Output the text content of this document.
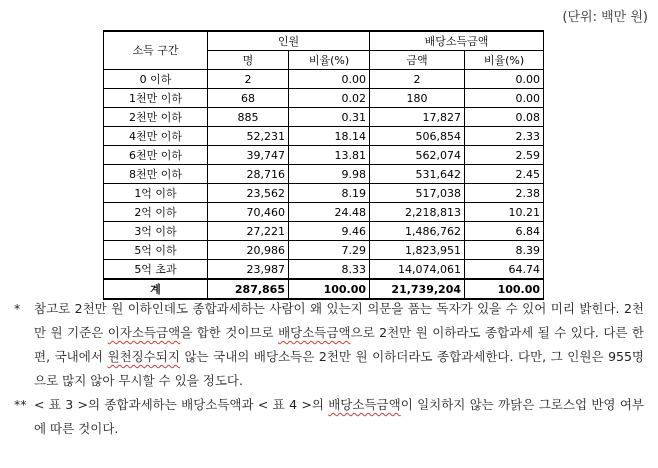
(단위: 백만 원)
소득 구간	인원		배당소득금액	
	명	비율(%)	금액	비율(%)
0 이하	2	0.00	2	0.00
1천만 이하	68	0.02	180	0.00
2천만 이하	885	0.31	17,827	0.08
4천만 이하	52,231	18.14	506,854	2.33
6천만 이하	39,747	13.81	562,074	2.59
8천만 이하	28,716	9.98	531,642	2.45
1억 이하	23,562	8.19	517,038	2.38
2억 이하	70,460	24.48	2,218,813	10.21
3억 이하	27,221	9.46	1,486,762	6.84
5억 이하	20,986	7.29	1,823,951	8.39
5억 초과	23,987	8.33	14,074,061	64.74
계	287,865	100.00	21,739,204	100.00
*	참고로 2천만 원 이하인데도 종합과세하는 사람이 왜 있는지 의문을 품는 독자가 있을 수 있어 미리 밝힌다. 2천만 원 기준은 이자소득금액을 합한 것이므로 배당소득금액으로 2천만 원 이하라도 종합과세 될 수 있다. 다른 한편, 국내에서 원천징수되지 않는 국내의 배당소득은 2천만 원 이하더라도 종합과세한다. 다만, 그 인원은 955명으로 많지 않아 무시할 수 있을 정도다.
** < 표 3 >의 종합과세하는 배당소득액과 < 표 4 >의 배당소득금액이 일치하지 않는 까닭은 그로스업 반영 여부에 따른 것이다.
